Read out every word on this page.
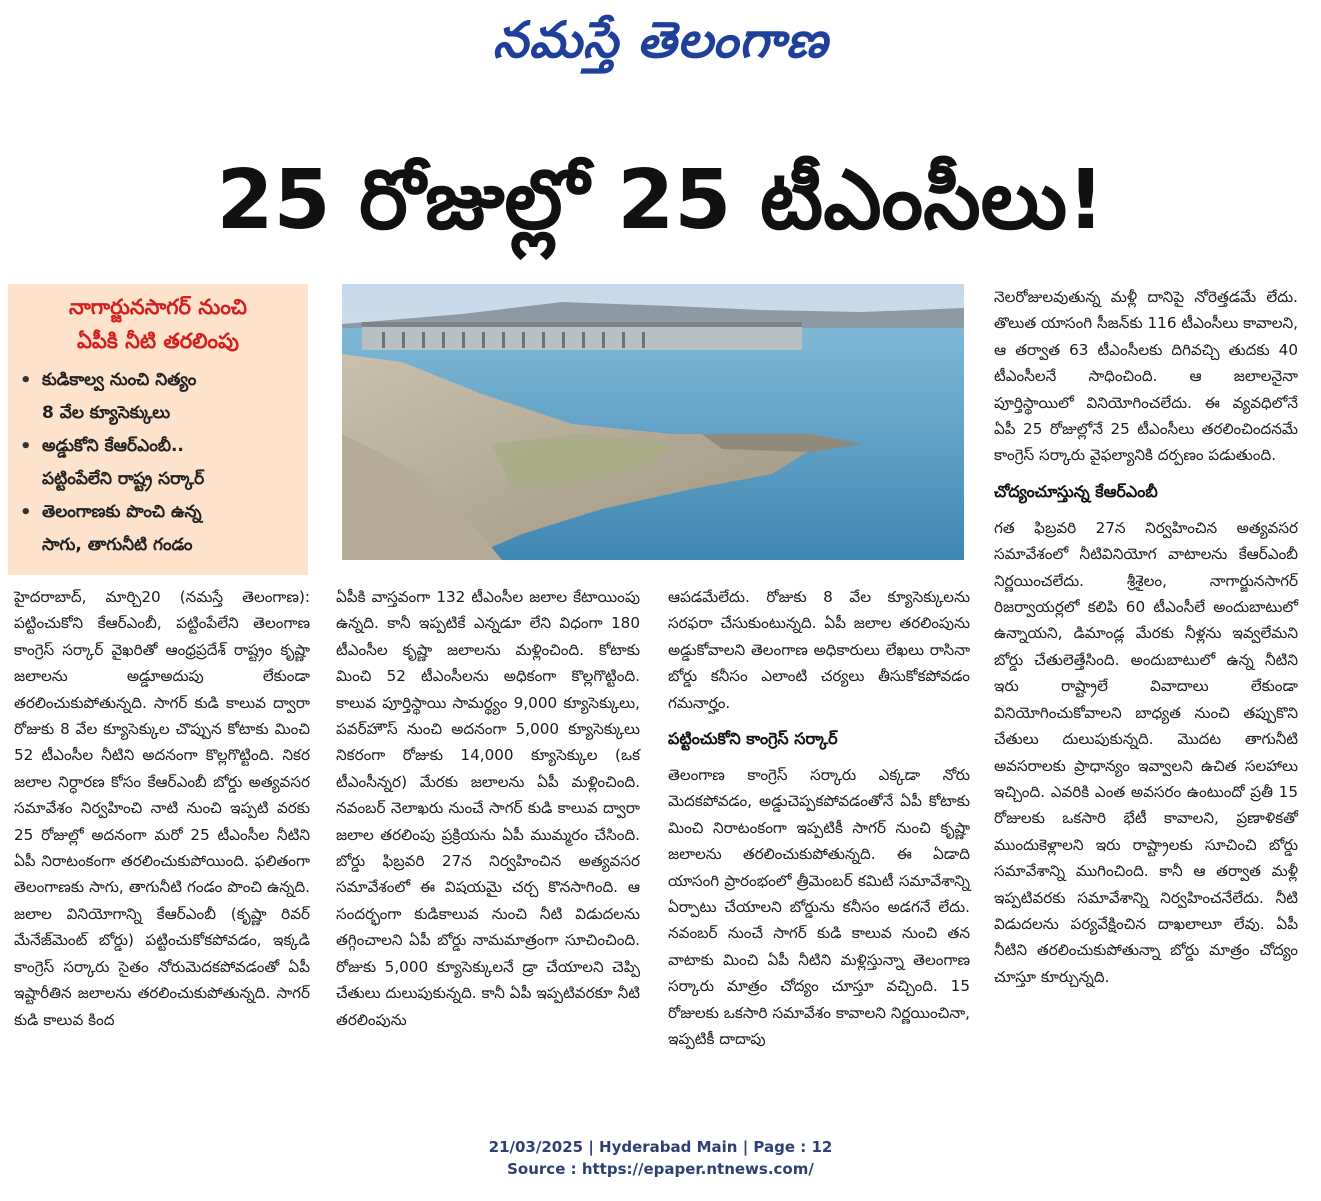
నమస్తే తెలంగాణ
25 రోజుల్లో 25 టీఎంసీలు!
నాగార్జునసాగర్ నుంచి
ఏపీకి నీటి తరలింపు
• కుడికాల్వ నుంచి నిత్యం
8 వేల క్యూసెక్కులు
• అడ్డుకోని కేఆర్ఎంబీ..
పట్టింపేలేని రాష్ట్ర సర్కార్
• తెలంగాణకు పొంచి ఉన్న
సాగు, తాగునీటి గండం

హైదరాబాద్, మార్చి20 (నమస్తే తెలంగాణ): పట్టించుకోని కేఆర్ఎంబీ, పట్టింపేలేని తెలంగాణ కాంగ్రెస్ సర్కార్ వైఖరితో ఆంధ్రప్రదేశ్ రాష్ట్రం కృష్ణా జలాలను అడ్డూఅదుపు లేకుండా తరలించుకుపోతున్నది. సాగర్ కుడి కాలువ ద్వారా రోజుకు 8 వేల క్యూసెక్కుల చొప్పున కోటాకు మించి 52 టీఎంసీల నీటిని అదనంగా కొల్లగొట్టింది. నికర జలాల నిర్ధారణ కోసం కేఆర్ఎంబీ బోర్డు అత్యవసర సమావేశం నిర్వహించి నాటి నుంచి ఇప్పటి వరకు 25 రోజుల్లో అదనంగా మరో 25 టీఎంసీల నీటిని ఏపీ నిరాటంకంగా తరలించుకుపోయింది. ఫలితంగా తెలంగాణకు సాగు, తాగునీటి గండం పొంచి ఉన్నది. జలాల వినియోగాన్ని కేఆర్ఎంబీ (కృష్ణా రివర్ మేనేజ్‌మెంట్ బోర్డు) పట్టించుకోకపోవడం, ఇక్కడి కాంగ్రెస్ సర్కారు సైతం నోరుమెదకపోవడంతో ఏపీ ఇష్టారీతిన జలాలను తరలించుకుపోతున్నది. సాగర్ కుడి కాలువ కింద

ఏపీకి వాస్తవంగా 132 టీఎంసీల జలాల కేటాయింపు ఉన్నది. కానీ ఇప్పటికే ఎన్నడూ లేని విధంగా 180 టీఎంసీల కృష్ణా జలాలను మళ్లించింది. కోటాకు మించి 52 టీఎంసీలను అధికంగా కొల్లగొట్టింది. కాలువ పూర్తిస్థాయి సామర్థ్యం 9,000 క్యూసెక్కులు, పవర్‌హౌస్ నుంచి అదనంగా 5,000 క్యూసెక్కులు నికరంగా రోజుకు 14,000 క్యూసెక్కుల (ఒక టీఎంసీన్నర) మేరకు జలాలను ఏపీ మళ్లించింది. నవంబర్ నెలాఖరు నుంచే సాగర్ కుడి కాలువ ద్వారా జలాల తరలింపు ప్రక్రియను ఏపీ ముమ్మరం చేసింది. బోర్డు ఫిబ్రవరి 27న నిర్వహించిన అత్యవసర సమావేశంలో ఈ విషయమై చర్చ కొనసాగింది. ఆ సందర్భంగా కుడికాలువ నుంచి నీటి విడుదలను తగ్గించాలని ఏపీ బోర్డు నామమాత్రంగా సూచించింది. రోజుకు 5,000 క్యూసెక్కులనే డ్రా చేయాలని చెప్పి చేతులు దులుపుకున్నది. కానీ ఏపీ ఇప్పటివరకూ నీటి తరలింపును

ఆపడమేలేదు. రోజుకు 8 వేల క్యూసెక్కులను సరఫరా చేసుకుంటున్నది. ఏపీ జలాల తరలింపును అడ్డుకోవాలని తెలంగాణ అధికారులు లేఖలు రాసినా బోర్డు కనీసం ఎలాంటి చర్యలు తీసుకోకపోవడం గమనార్హం.

పట్టించుకోని కాంగ్రెస్ సర్కార్

తెలంగాణ కాంగ్రెస్ సర్కారు ఎక్కడా నోరు మెదకపోవడం, అడ్డుచెప్పకపోవడంతోనే ఏపీ కోటాకు మించి నిరాటంకంగా ఇప్పటికీ సాగర్ నుంచి కృష్ణా జలాలను తరలించుకుపోతున్నది. ఈ ఏడాది యాసంగి ప్రారంభంలో త్రీమెంబర్ కమిటీ సమావేశాన్ని ఏర్పాటు చేయాలని బోర్డును కనీసం అడగనే లేదు. నవంబర్ నుంచే సాగర్ కుడి కాలువ నుంచి తన వాటాకు మించి ఏపీ నీటిని మళ్లిస్తున్నా తెలంగాణ సర్కారు మాత్రం చోద్యం చూస్తూ వచ్చింది. 15 రోజులకు ఒకసారి సమావేశం కావాలని నిర్ణయించినా, ఇప్పటికీ దాదాపు

నెలరోజులవుతున్న మళ్లీ దానిపై నోరెత్తడమే లేదు. తొలుత యాసంగి సీజన్‌కు 116 టీఎంసీలు కావాలని, ఆ తర్వాత 63 టీఎంసీలకు దిగివచ్చి తుదకు 40 టీఎంసీలనే సాధించింది. ఆ జలాలనైనా పూర్తిస్థాయిలో వినియోగించలేదు. ఈ వ్యవధిలోనే ఏపీ 25 రోజుల్లోనే 25 టీఎంసీలు తరలించిందనమే కాంగ్రెస్ సర్కారు వైఫల్యానికి దర్పణం పడుతుంది.

చోద్యంచూస్తున్న కేఆర్ఎంబీ

గత ఫిబ్రవరి 27న నిర్వహించిన అత్యవసర సమావేశంలో నీటివినియోగ వాటాలను కేఆర్ఎంబీ నిర్ణయించలేదు. శ్రీశైలం, నాగార్జునసాగర్ రిజర్వాయర్లలో కలిపి 60 టీఎంసీలే అందుబాటులో ఉన్నాయని, డిమాండ్ల మేరకు నీళ్లను ఇవ్వలేమని బోర్డు చేతులెత్తేసింది. అందుబాటులో ఉన్న నీటిని ఇరు రాష్ట్రాలే వివాదాలు లేకుండా వినియోగించుకోవాలని బాధ్యత నుంచి తప్పుకొని చేతులు దులుపుకున్నది. మొదట తాగునీటి అవసరాలకు ప్రాధాన్యం ఇవ్వాలని ఉచిత సలహాలు ఇచ్చింది. ఎవరికి ఎంత అవసరం ఉంటుందో ప్రతీ 15 రోజులకు ఒకసారి భేటీ కావాలని, ప్రణాళికతో ముందుకెళ్లాలని ఇరు రాష్ట్రాలకు సూచించి బోర్డు సమావేశాన్ని ముగించింది. కానీ ఆ తర్వాత మళ్లీ ఇప్పటివరకు సమావేశాన్ని నిర్వహించనేలేదు. నీటి విడుదలను పర్యవేక్షించిన దాఖలాలూ లేవు. ఏపీ నీటిని తరలించుకుపోతున్నా బోర్డు మాత్రం చోద్యం చూస్తూ కూర్చున్నది.

21/03/2025 | Hyderabad Main | Page : 12
Source : https://epaper.ntnews.com/
